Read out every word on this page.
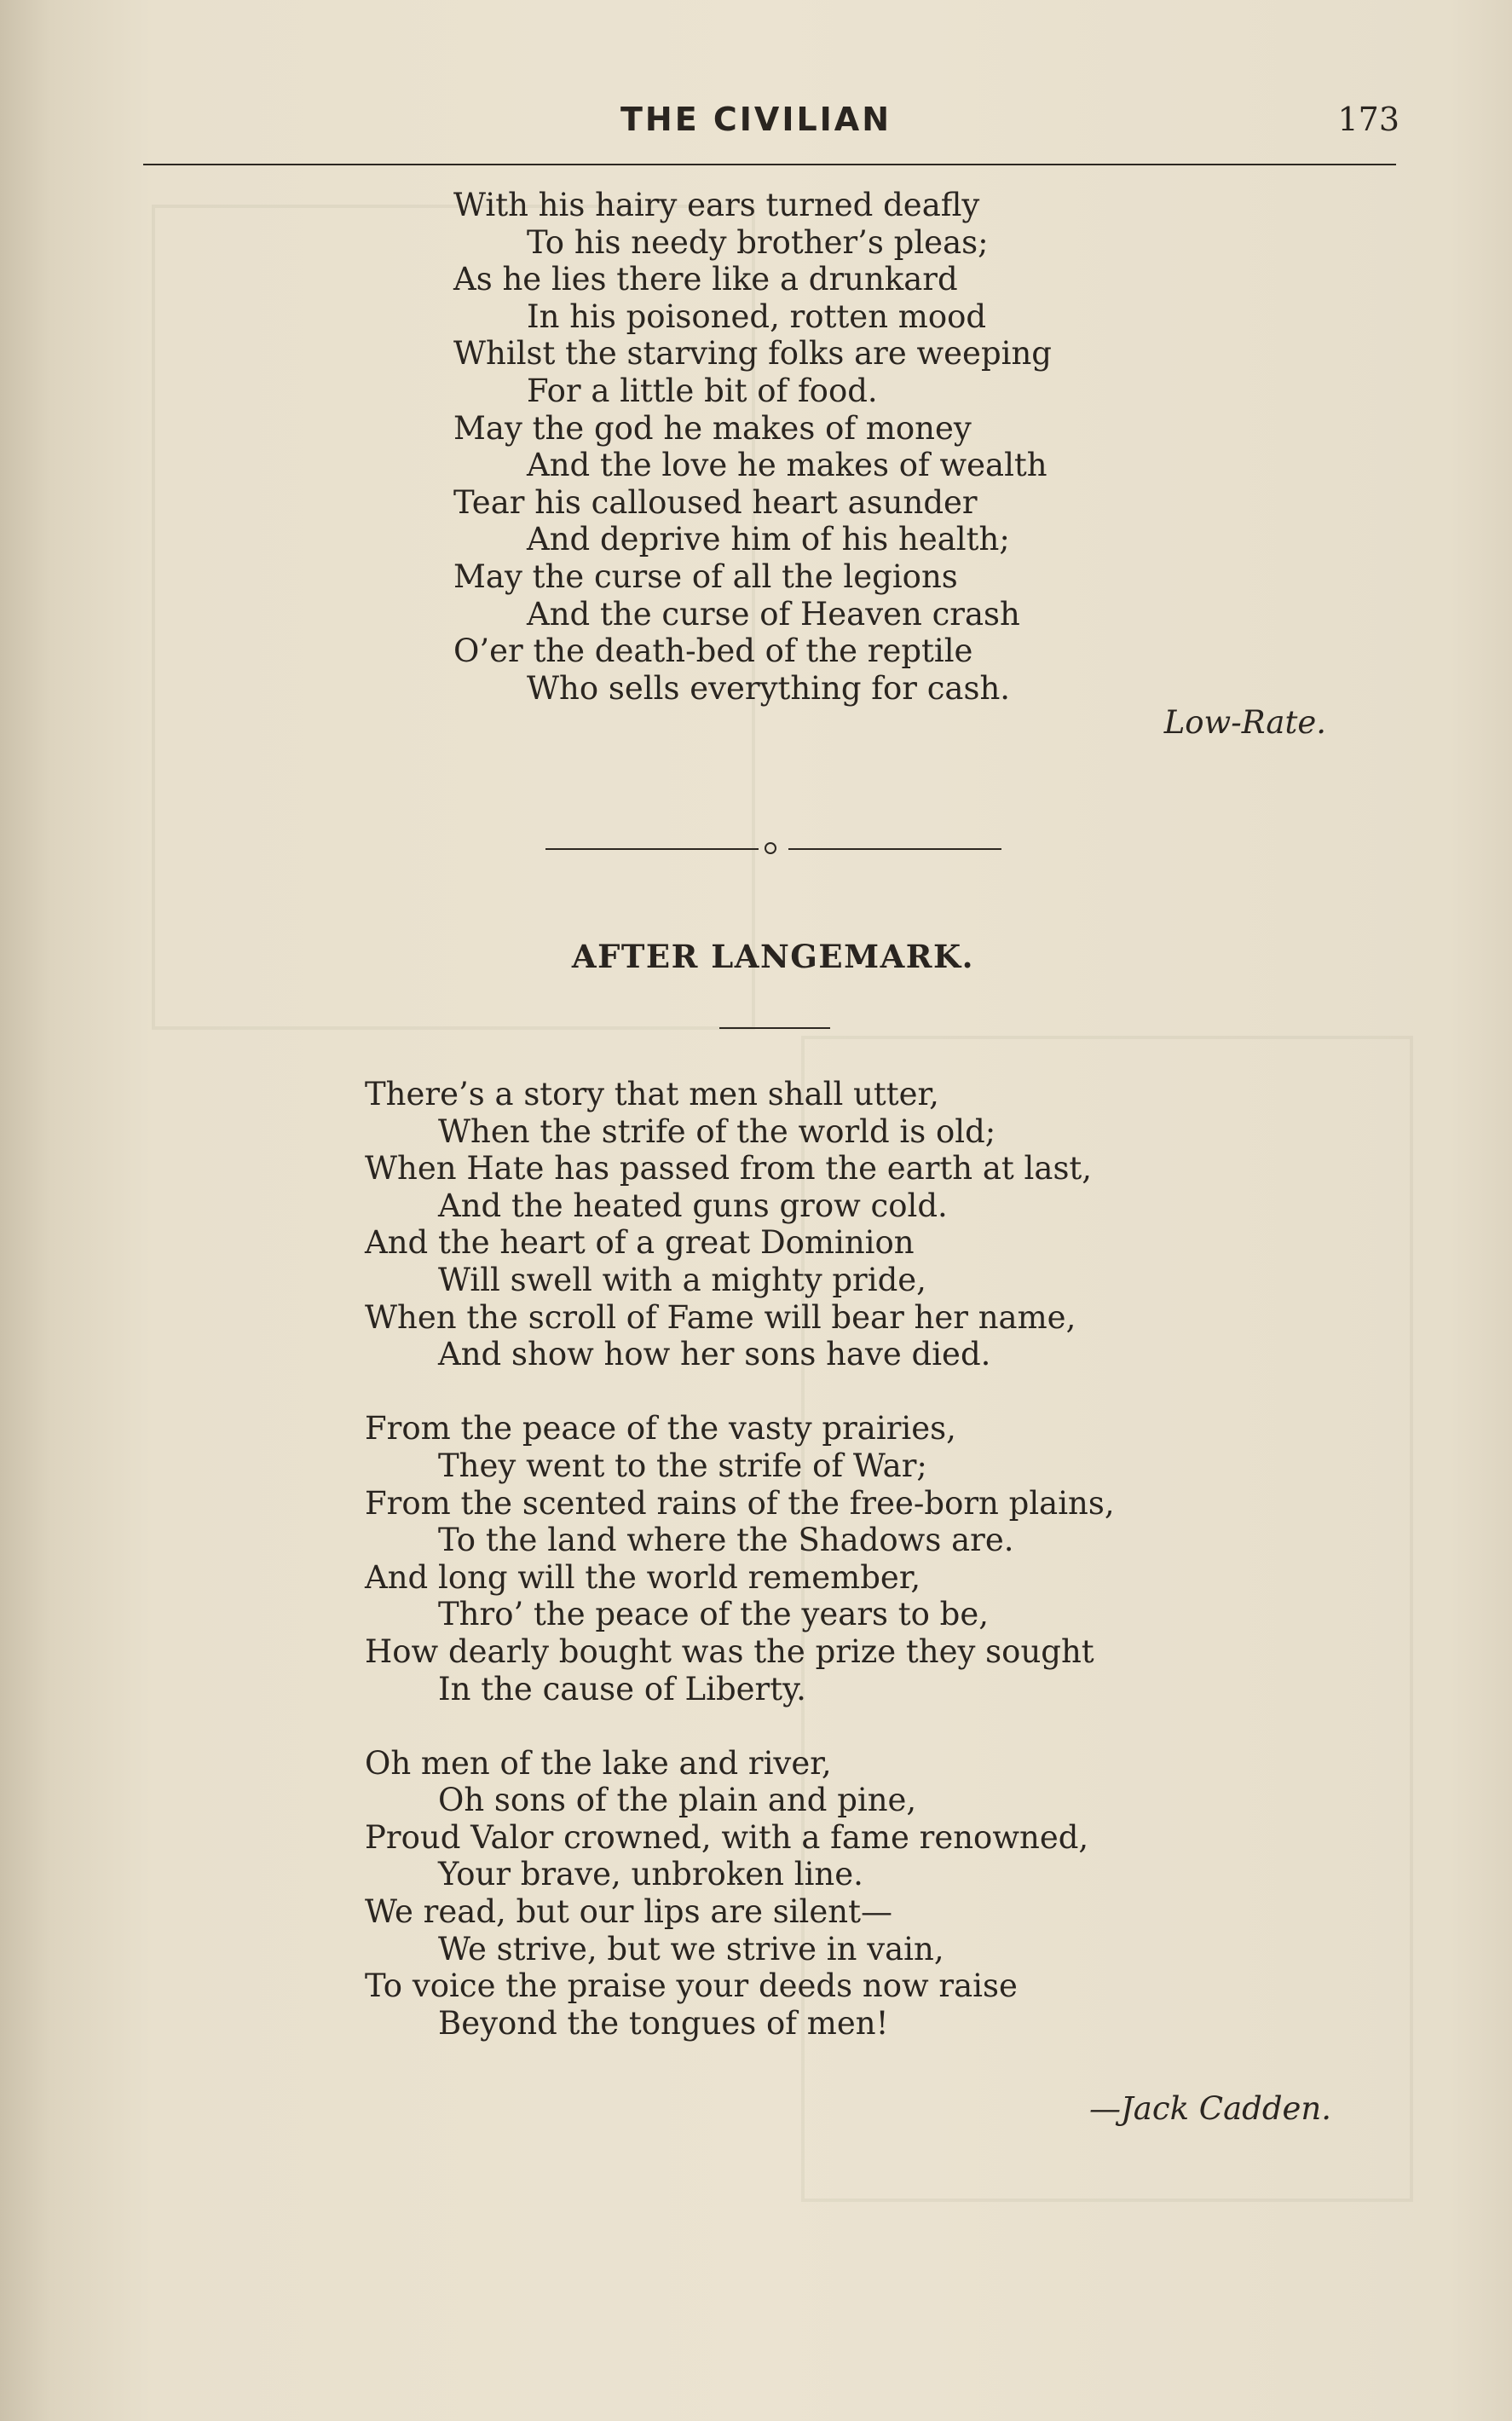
THE CIVILIAN	173
With his hairy ears turned deafly
To his needy brother’s pleas;
As he lies there like a drunkard
In his poisoned, rotten mood
Whilst the starving folks are weeping
For a little bit of food.
May the god he makes of money
And the love he makes of wealth
Tear his calloused heart asunder
And deprive him of his health;
May the curse of all the legions
And the curse of Heaven crash
O’er the death-bed of the reptile
Who sells everything for cash.
Low-Rate.
AFTER LANGEMARK.
There’s a story that men shall utter,
When the strife of the world is old;
When Hate has passed from the earth at last,
And the heated guns grow cold.
And the heart of a great Dominion
Will swell with a mighty pride,
When the scroll of Fame will bear her name,
And show how her sons have died.
From the peace of the vasty prairies,
They went to the strife of War;
From the scented rains of the free-born plains,
To the land where the Shadows are.
And long will the world remember,
Thro’ the peace of the years to be,
How dearly bought was the prize they sought
In the cause of Liberty.
Oh men of the lake and river,
Oh sons of the plain and pine,
Proud Valor crowned, with a fame renowned,
Your brave, unbroken line.
We read, but our lips are silent—
We strive, but we strive in vain,
To voice the praise your deeds now raise
Beyond the tongues of men!
—Jack Cadden.
